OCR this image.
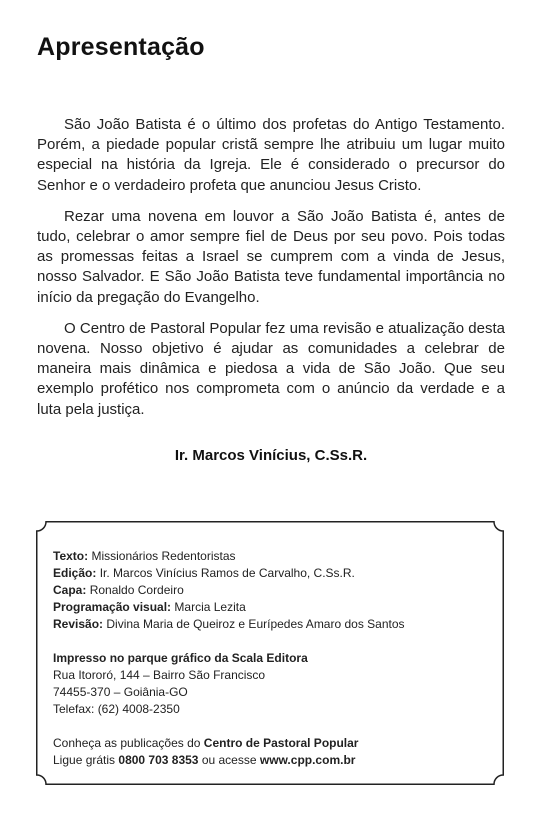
Apresentação

São João Batista é o último dos profetas do Antigo Testamento. Porém, a piedade popular cristã sempre lhe atribuiu um lugar muito especial na história da Igreja. Ele é considerado o precursor do Senhor e o verdadeiro profeta que anunciou Jesus Cristo.

Rezar uma novena em louvor a São João Batista é, antes de tudo, celebrar o amor sempre fiel de Deus por seu povo. Pois todas as promessas feitas a Israel se cumprem com a vinda de Jesus, nosso Salvador. E São João Batista teve fundamental importância no início da pregação do Evangelho.

O Centro de Pastoral Popular fez uma revisão e atualização desta novena. Nosso objetivo é ajudar as comunidades a celebrar de maneira mais dinâmica e piedosa a vida de São João. Que seu exemplo profético nos comprometa com o anúncio da verdade e a luta pela justiça.

Ir. Marcos Vinícius, C.Ss.R.
Texto: Missionários Redentoristas
Edição: Ir. Marcos Vinícius Ramos de Carvalho, C.Ss.R.
Capa: Ronaldo Cordeiro
Programação visual: Marcia Lezita
Revisão: Divina Maria de Queiroz e Eurípedes Amaro dos Santos
Impresso no parque gráfico da Scala Editora
Rua Itororó, 144 – Bairro São Francisco
74455-370 – Goiânia-GO
Telefax: (62) 4008-2350
Conheça as publicações do Centro de Pastoral Popular
Ligue grátis 0800 703 8353 ou acesse www.cpp.com.br
